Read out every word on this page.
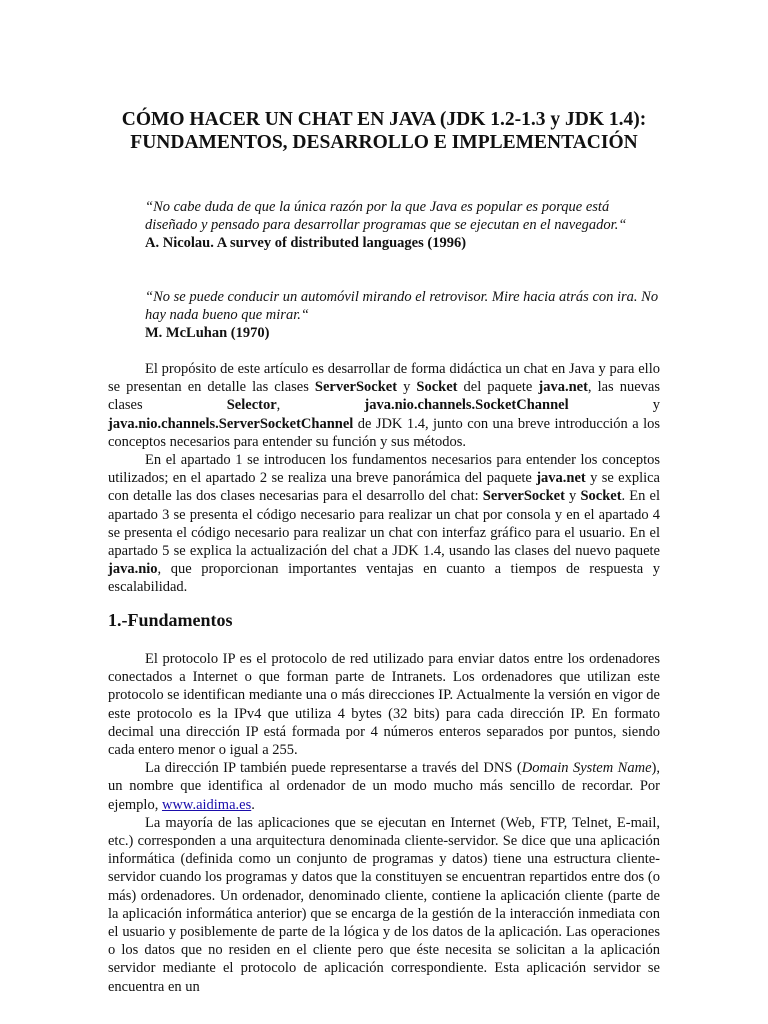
CÓMO HACER UN CHAT EN JAVA (JDK 1.2-1.3 y JDK 1.4): FUNDAMENTOS, DESARROLLO E IMPLEMENTACIÓN
“No cabe duda de que la única razón por la que Java es popular es porque está diseñado y pensado para desarrollar programas que se ejecutan en el navegador.“
A. Nicolau. A survey of distributed languages (1996)
“No se puede conducir un automóvil mirando el retrovisor. Mire hacia atrás con ira. No hay nada bueno que mirar.“
M. McLuhan (1970)

El propósito de este artículo es desarrollar de forma didáctica un chat en Java y para ello se presentan en detalle las clases ServerSocket y Socket del paquete java.net, las nuevas clases Selector, java.nio.channels.SocketChannel y java.nio.channels.ServerSocketChannel de JDK 1.4, junto con una breve introducción a los conceptos necesarios para entender su función y sus métodos.

En el apartado 1 se introducen los fundamentos necesarios para entender los conceptos utilizados; en el apartado 2 se realiza una breve panorámica del paquete java.net y se explica con detalle las dos clases necesarias para el desarrollo del chat: ServerSocket y Socket. En el apartado 3 se presenta el código necesario para realizar un chat por consola y en el apartado 4 se presenta el código necesario para realizar un chat con interfaz gráfico para el usuario. En el apartado 5 se explica la actualización del chat a JDK 1.4, usando las clases del nuevo paquete java.nio, que proporcionan importantes ventajas en cuanto a tiempos de respuesta y escalabilidad.

1.-Fundamentos

El protocolo IP es el protocolo de red utilizado para enviar datos entre los ordenadores conectados a Internet o que forman parte de Intranets. Los ordenadores que utilizan este protocolo se identifican mediante una o más direcciones IP. Actualmente la versión en vigor de este protocolo es la IPv4 que utiliza 4 bytes (32 bits) para cada dirección IP. En formato decimal una dirección IP está formada por 4 números enteros separados por puntos, siendo cada entero menor o igual a 255.

La dirección IP también puede representarse a través del DNS (Domain System Name), un nombre que identifica al ordenador de un modo mucho más sencillo de recordar. Por ejemplo, www.aidima.es.

La mayoría de las aplicaciones que se ejecutan en Internet (Web, FTP, Telnet, E-mail, etc.) corresponden a una arquitectura denominada cliente-servidor. Se dice que una aplicación informática (definida como un conjunto de programas y datos) tiene una estructura cliente-servidor cuando los programas y datos que la constituyen se encuentran repartidos entre dos (o más) ordenadores. Un ordenador, denominado cliente, contiene la aplicación cliente (parte de la aplicación informática anterior) que se encarga de la gestión de la interacción inmediata con el usuario y posiblemente de parte de la lógica y de los datos de la aplicación. Las operaciones o los datos que no residen en el cliente pero que éste necesita se solicitan a la aplicación servidor mediante el protocolo de aplicación correspondiente. Esta aplicación servidor se encuentra en un
